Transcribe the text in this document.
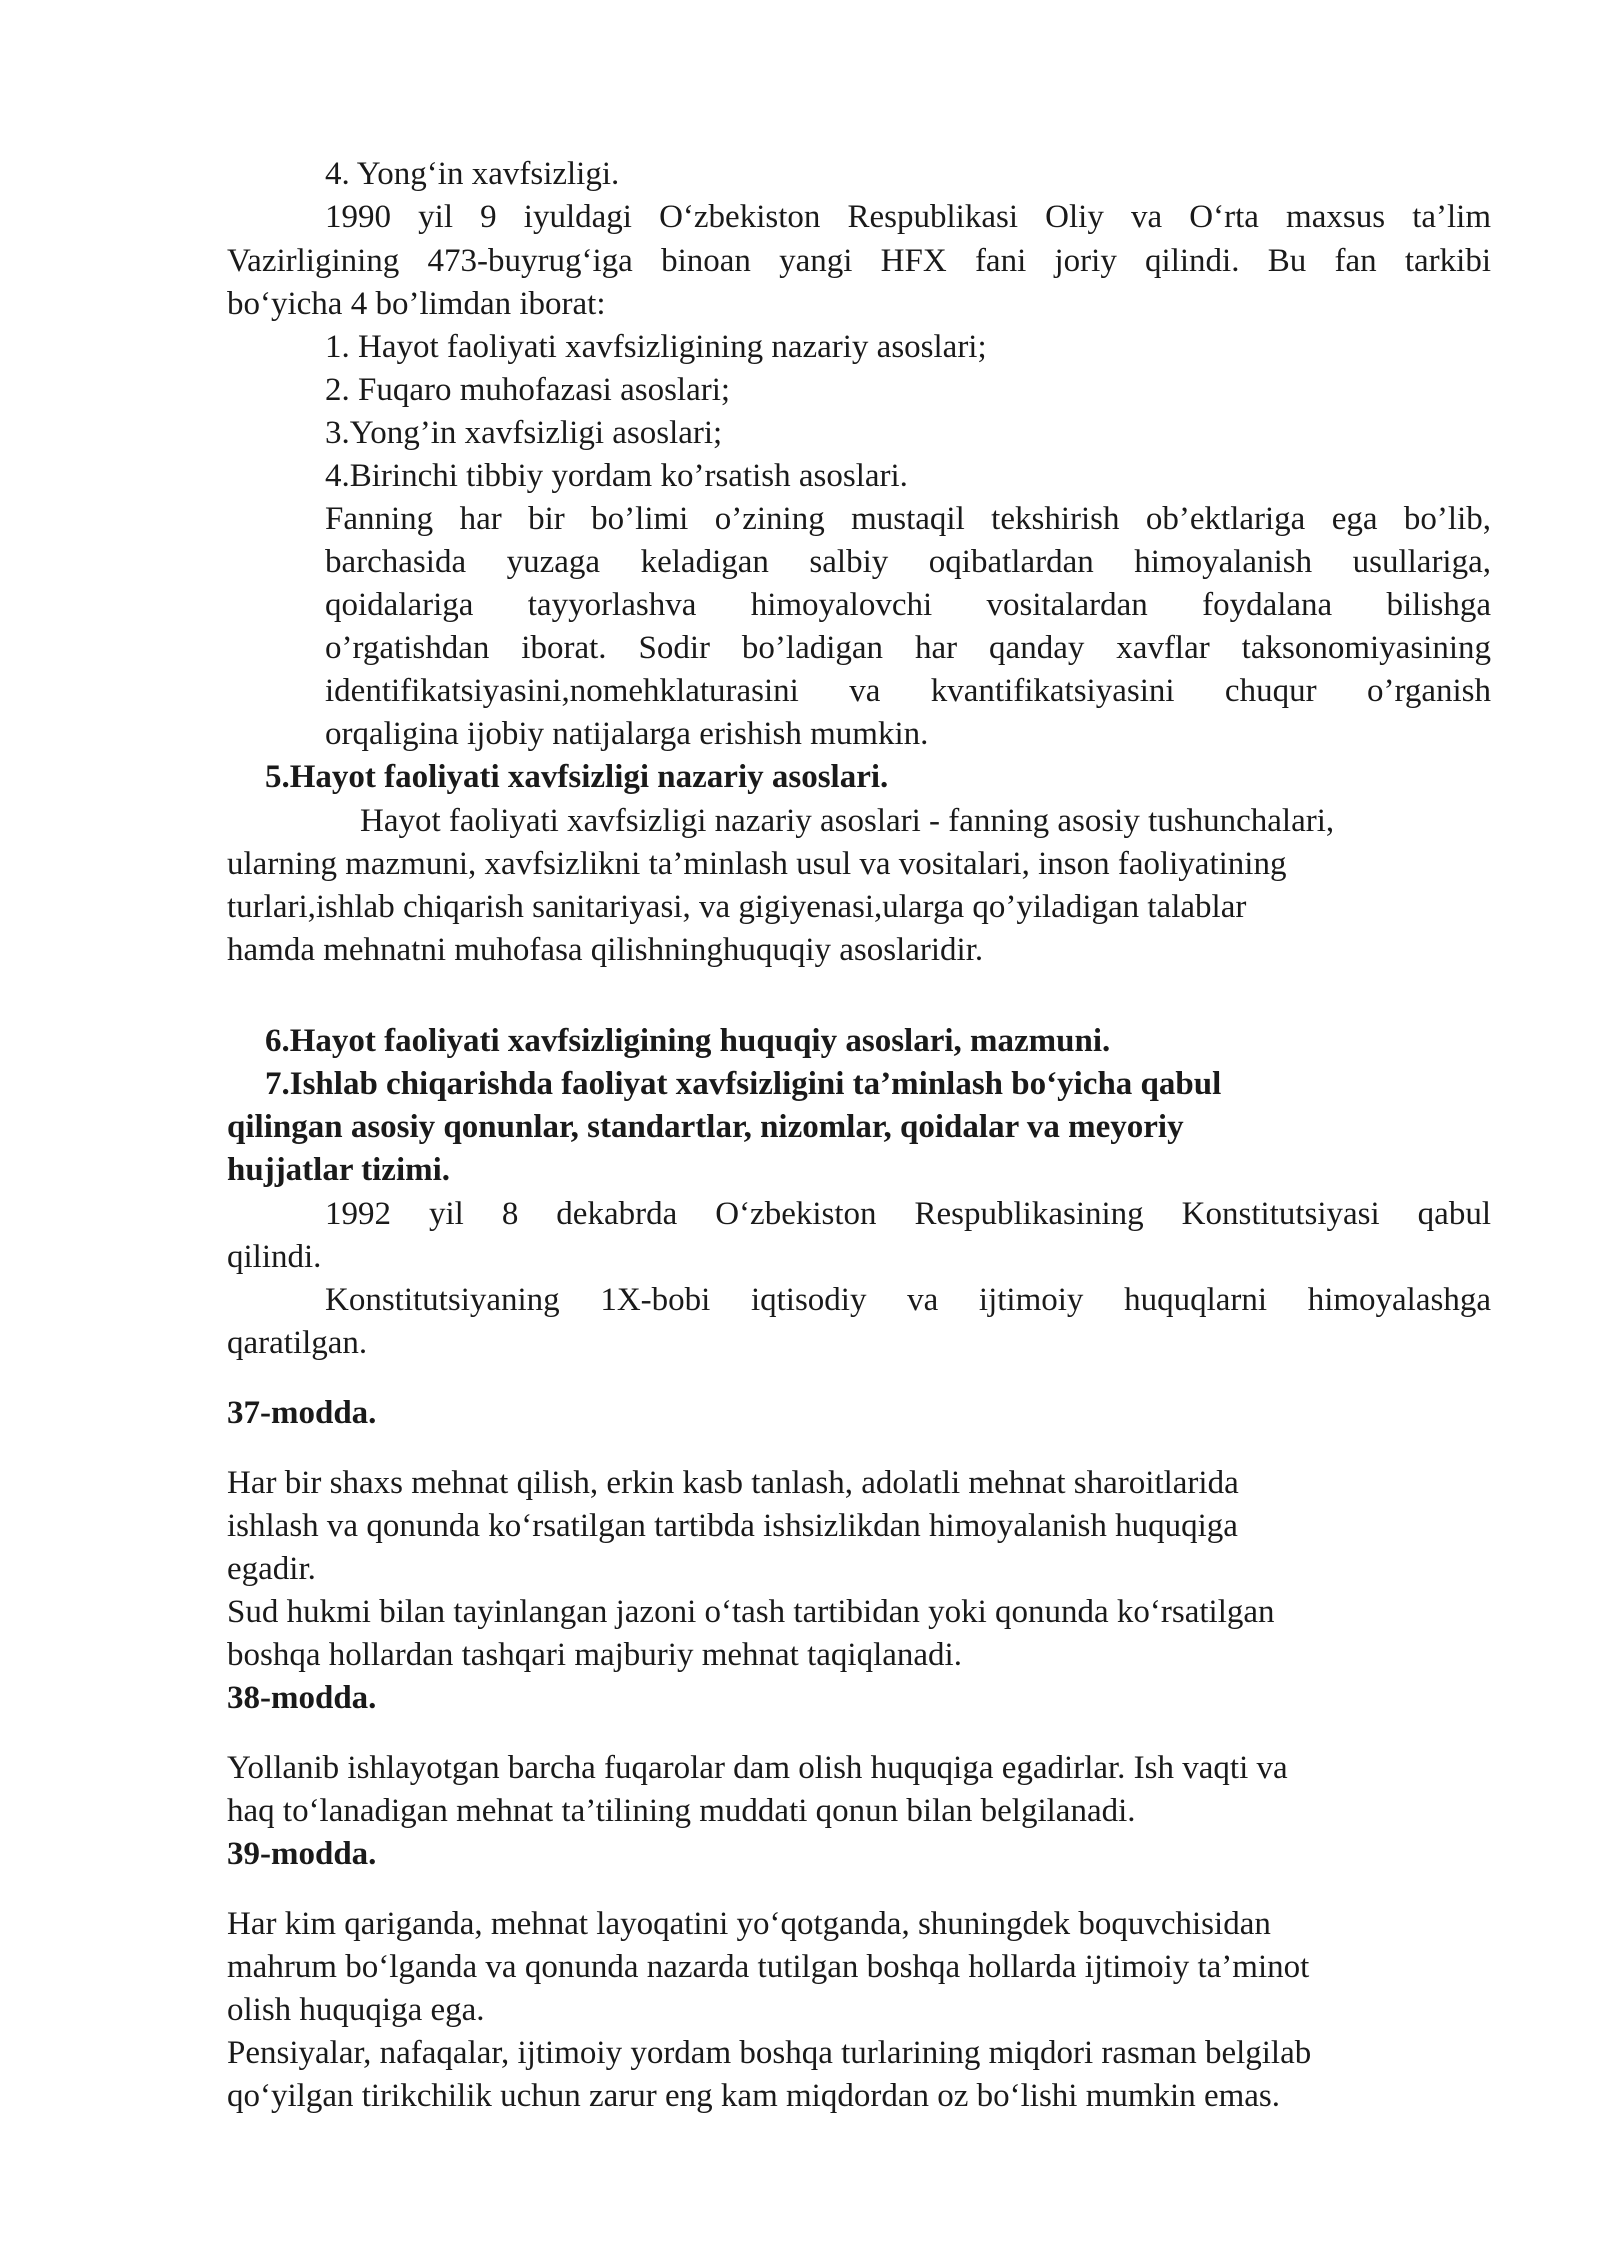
4. Yong‘in xavfsizligi.
1990 yil 9 iyuldagi O‘zbekiston Respublikasi Oliy va O‘rta maxsus ta’lim
Vazirligining 473-buyrug‘iga binoan yangi HFX fani joriy qilindi. Bu fan tarkibi
bo‘yicha 4 bo’limdan iborat:
1. Hayot faoliyati xavfsizligining nazariy asoslari;
2. Fuqaro muhofazasi asoslari;
3.Yong’in xavfsizligi asoslari;
4.Birinchi tibbiy yordam ko’rsatish asoslari.
Fanning har bir bo’limi o’zining mustaqil tekshirish ob’ektlariga ega bo’lib,
barchasida yuzaga keladigan salbiy oqibatlardan himoyalanish usullariga,
qoidalariga tayyorlashva himoyalovchi vositalardan foydalana bilishga
o’rgatishdan iborat. Sodir bo’ladigan har qanday xavflar taksonomiyasining
identifikatsiyasini,nomehklaturasini va kvantifikatsiyasini chuqur o’rganish
orqaligina ijobiy natijalarga erishish mumkin.
5.Hayot faoliyati xavfsizligi nazariy asoslari.
Hayot faoliyati xavfsizligi nazariy asoslari - fanning asosiy tushunchalari,
ularning mazmuni, xavfsizlikni ta’minlash usul va vositalari, inson faoliyatining
turlari,ishlab chiqarish sanitariyasi, va gigiyenasi,ularga qo’yiladigan talablar
hamda mehnatni muhofasa qilishninghuquqiy asoslaridir.
6.Hayot faoliyati xavfsizligining huquqiy asoslari, mazmuni.
7.Ishlab chiqarishda faoliyat xavfsizligini ta’minlash bo‘yicha qabul
qilingan asosiy qonunlar, standartlar, nizomlar, qoidalar va meyoriy
hujjatlar tizimi.
1992 yil 8 dekabrda O‘zbekiston Respublikasining Konstitutsiyasi qabul
qilindi.
Konstitutsiyaning 1X-bobi iqtisodiy va ijtimoiy huquqlarni himoyalashga
qaratilgan.
37-modda.
Har bir shaxs mehnat qilish, erkin kasb tanlash, adolatli mehnat sharoitlarida
ishlash va qonunda ko‘rsatilgan tartibda ishsizlikdan himoyalanish huquqiga
egadir.
Sud hukmi bilan tayinlangan jazoni o‘tash tartibidan yoki qonunda ko‘rsatilgan
boshqa hollardan tashqari majburiy mehnat taqiqlanadi.
38-modda.
Yollanib ishlayotgan barcha fuqarolar dam olish huquqiga egadirlar. Ish vaqti va
haq to‘lanadigan mehnat ta’tilining muddati qonun bilan belgilanadi.
39-modda.
Har kim qariganda, mehnat layoqatini yo‘qotganda, shuningdek boquvchisidan
mahrum bo‘lganda va qonunda nazarda tutilgan boshqa hollarda ijtimoiy ta’minot
olish huquqiga ega.
Pensiyalar, nafaqalar, ijtimoiy yordam boshqa turlarining miqdori rasman belgilab
qo‘yilgan tirikchilik uchun zarur eng kam miqdordan oz bo‘lishi mumkin emas.
